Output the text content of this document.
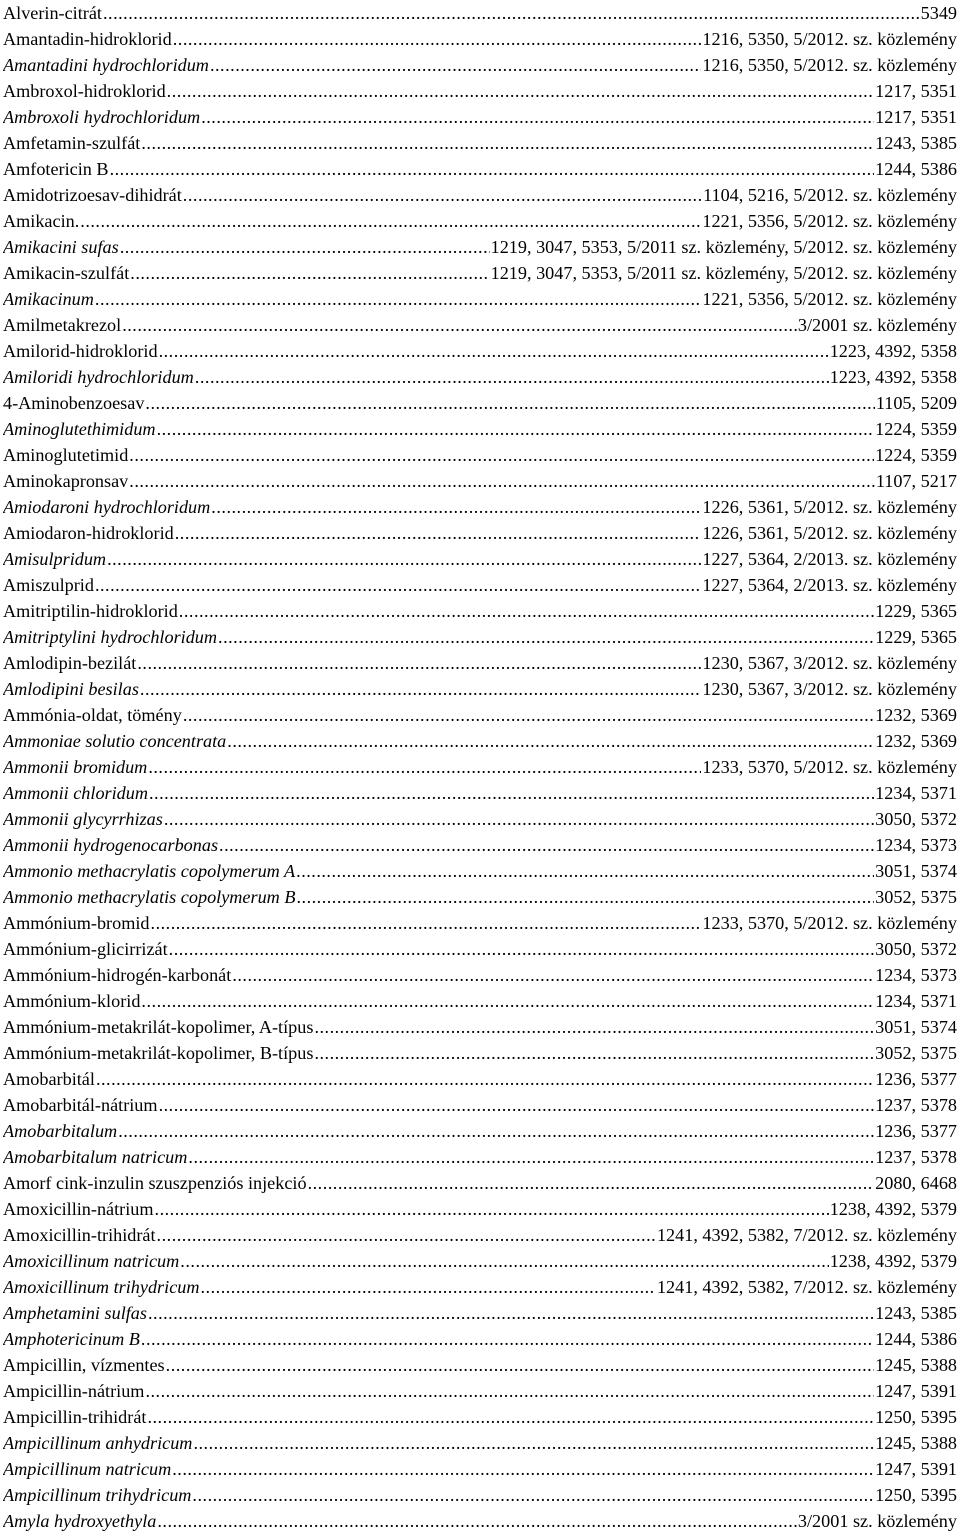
Alverin-citrát .....	5349
Amantadin-hidroklorid .....	1216, 5350, 5/2012. sz. közlemény
Amantadini hydrochloridum .....	1216, 5350, 5/2012. sz. közlemény
Ambroxol-hidroklorid .....	1217, 5351
Ambroxoli hydrochloridum .....	1217, 5351
Amfetamin-szulfát .....	1243, 5385
Amfotericin B .....	1244, 5386
Amidotrizoesav-dihidrát .....	1104, 5216, 5/2012. sz. közlemény
Amikacin. .....	1221, 5356, 5/2012. sz. közlemény
Amikacini sufas .....	1219, 3047, 5353, 5/2011 sz. közlemény, 5/2012. sz. közlemény
Amikacin-szulfát .....	1219, 3047, 5353, 5/2011 sz. közlemény, 5/2012. sz. közlemény
Amikacinum .....	1221, 5356, 5/2012. sz. közlemény
Amilmetakrezol .....	3/2001 sz. közlemény
Amilorid-hidroklorid .....	1223, 4392, 5358
Amiloridi hydrochloridum .....	1223, 4392, 5358
4-Aminobenzoesav .....	1105, 5209
Aminoglutethimidum .....	1224, 5359
Aminoglutetimid .....	1224, 5359
Aminokapronsav .....	1107, 5217
Amiodaroni hydrochloridum .....	1226, 5361, 5/2012. sz. közlemény
Amiodaron-hidroklorid .....	1226, 5361, 5/2012. sz. közlemény
Amisulpridum .....	1227, 5364, 2/2013. sz. közlemény
Amiszulprid .....	1227, 5364, 2/2013. sz. közlemény
Amitriptilin-hidroklorid .....	1229, 5365
Amitriptylini hydrochloridum .....	1229, 5365
Amlodipin-bezilát .....	1230, 5367, 3/2012. sz. közlemény
Amlodipini besilas .....	1230, 5367, 3/2012. sz. közlemény
Ammónia-oldat, tömény .....	1232, 5369
Ammoniae solutio concentrata .....	1232, 5369
Ammonii bromidum .....	1233, 5370, 5/2012. sz. közlemény
Ammonii chloridum .....	1234, 5371
Ammonii glycyrrhizas .....	3050, 5372
Ammonii hydrogenocarbonas .....	1234, 5373
Ammonio methacrylatis copolymerum A .....	3051, 5374
Ammonio methacrylatis copolymerum B .....	3052, 5375
Ammónium-bromid .....	1233, 5370, 5/2012. sz. közlemény
Ammónium-glicirrizát .....	3050, 5372
Ammónium-hidrogén-karbonát .....	1234, 5373
Ammónium-klorid .....	1234, 5371
Ammónium-metakrilát-kopolimer, A-típus .....	3051, 5374
Ammónium-metakrilát-kopolimer, B-típus .....	3052, 5375
Amobarbitál .....	1236, 5377
Amobarbitál-nátrium .....	1237, 5378
Amobarbitalum .....	1236, 5377
Amobarbitalum natricum .....	1237, 5378
Amorf cink-inzulin szuszpenziós injekció .....	2080, 6468
Amoxicillin-nátrium .....	1238, 4392, 5379
Amoxicillin-trihidrát .....	1241, 4392, 5382, 7/2012. sz. közlemény
Amoxicillinum natricum .....	1238, 4392, 5379
Amoxicillinum trihydricum .....	1241, 4392, 5382, 7/2012. sz. közlemény
Amphetamini sulfas .....	1243, 5385
Amphotericinum B .....	1244, 5386
Ampicillin, vízmentes .....	1245, 5388
Ampicillin-nátrium .....	1247, 5391
Ampicillin-trihidrát .....	1250, 5395
Ampicillinum anhydricum .....	1245, 5388
Ampicillinum natricum .....	1247, 5391
Ampicillinum trihydricum .....	1250, 5395
Amyla hydroxyethyla .....	3/2001 sz. közlemény
